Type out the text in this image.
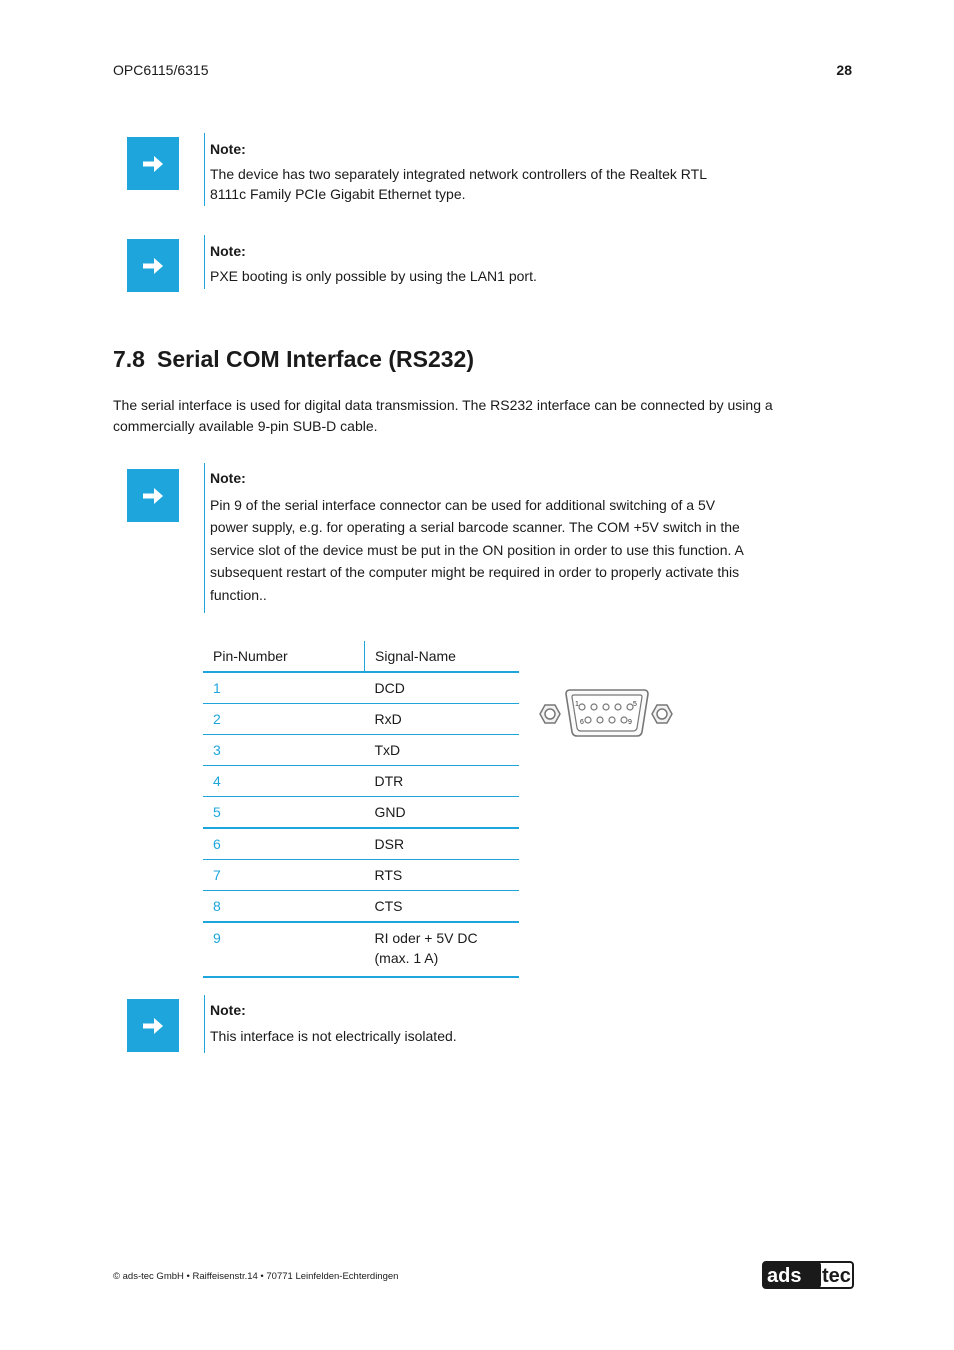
OPC6115/6315	28
Note:
The device has two separately integrated network controllers of the Realtek RTL 8111c Family PCIe Gigabit Ethernet type.
Note:
PXE booting is only possible by using the LAN1 port.
7.8 Serial COM Interface (RS232)
The serial interface is used for digital data transmission. The RS232 interface can be connected by using a commercially available 9-pin SUB-D cable.
Note:
Pin 9 of the serial interface connector can be used for additional switching of a 5V power supply, e.g. for operating a serial barcode scanner. The COM +5V switch in the service slot of the device must be put in the ON position in order to use this function. A subsequent restart of the computer might be required in order to properly activate this function..
Pin-Number	Signal-Name
1	DCD
2	RxD
3	TxD
4	DTR
5	GND
6	DSR
7	RTS
8	CTS
9	RI oder + 5V DC
(max. 1 A)
1	5
6	9
Note:
This interface is not electrically isolated.
© ads-tec GmbH • Raiffeisenstr.14 • 70771 Leinfelden-Echterdingen	ads tec
